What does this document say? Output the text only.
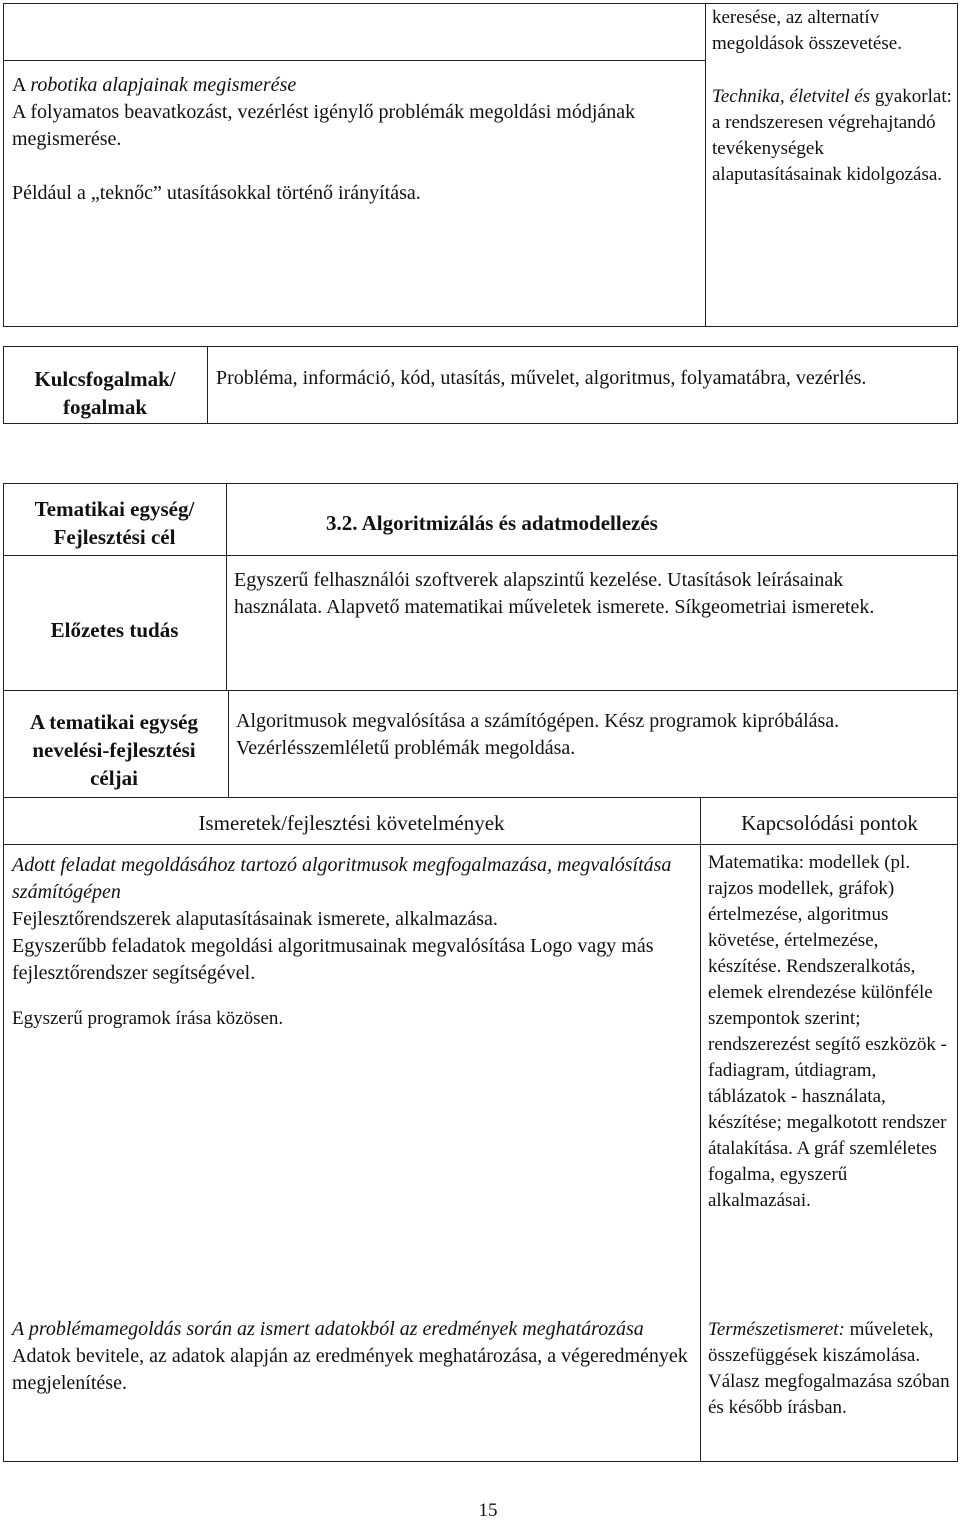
A robotika alapjainak megismerése

A folyamatos beavatkozást, vezérlést igénylő problémák megoldási módjának megismerése.

Például a „teknőc” utasításokkal történő irányítása.

keresése, az alternatív megoldások összevetése.

Technika, életvitel és gyakorlat: a rendszeresen végrehajtandó tevékenységek alaputasításainak kidolgozása.

Kulcsfogalmak/ fogalmak
Probléma, információ, kód, utasítás, művelet, algoritmus, folyamatábra, vezérlés.
Tematikai egység/ Fejlesztési cél
3.2. Algoritmizálás és adatmodellezés
Előzetes tudás
Egyszerű felhasználói szoftverek alapszintű kezelése. Utasítások leírásainak használata. Alapvető matematikai műveletek ismerete. Síkgeometriai ismeretek.
A tematikai egység nevelési-fejlesztési céljai
Algoritmusok megvalósítása a számítógépen. Kész programok kipróbálása. Vezérlésszemléletű problémák megoldása.
Ismeretek/fejlesztési követelmények	Kapcsolódási pontok

Adott feladat megoldásához tartozó algoritmusok megfogalmazása, megvalósítása számítógépen

Fejlesztőrendszerek alaputasításainak ismerete, alkalmazása.

Egyszerűbb feladatok megoldási algoritmusainak megvalósítása Logo vagy más fejlesztőrendszer segítségével.

Egyszerű programok írása közösen.

A problémamegoldás során az ismert adatokból az eredmények meghatározása

Adatok bevitele, az adatok alapján az eredmények meghatározása, a végeredmények megjelenítése.

Matematika: modellek (pl. rajzos modellek, gráfok) értelmezése, algoritmus követése, értelmezése, készítése. Rendszeralkotás, elemek elrendezése különféle szempontok szerint; rendszerezést segítő eszközök - fadiagram, útdiagram, táblázatok - használata, készítése; megalkotott rendszer átalakítása. A gráf szemléletes fogalma, egyszerű alkalmazásai.
Természetismeret: műveletek, összefüggések kiszámolása. Válasz megfogalmazása szóban és később írásban.
15
